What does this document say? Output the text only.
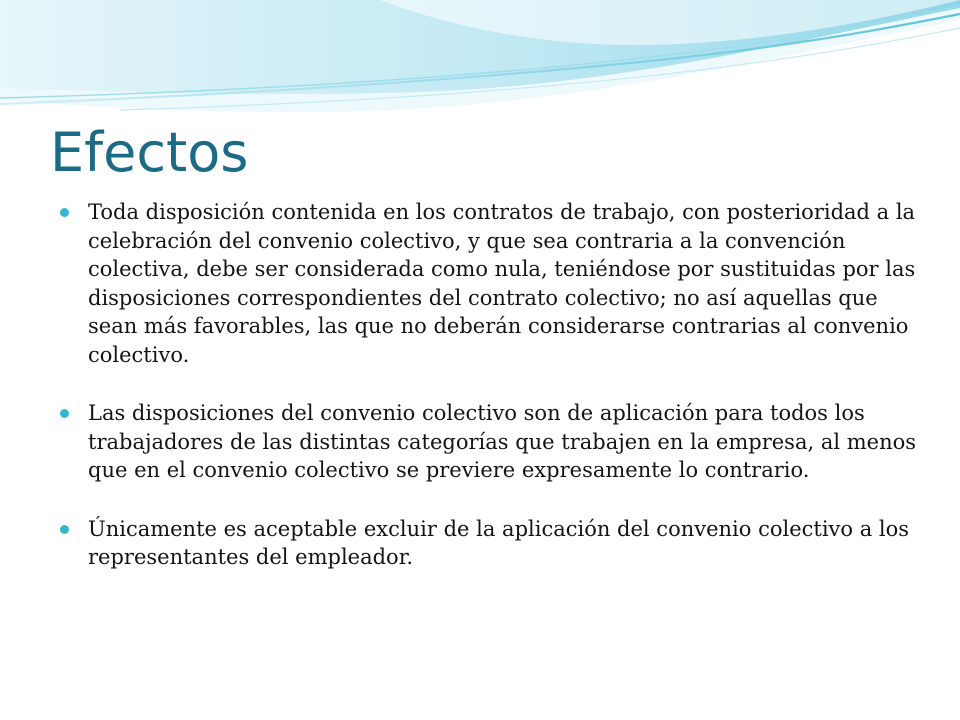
Efectos
Toda disposición contenida en los contratos de trabajo, con posterioridad a la celebración del convenio colectivo, y que sea contraria a la convención colectiva, debe ser considerada como nula, teniéndose por sustituidas por las disposiciones correspondientes del contrato colectivo; no así aquellas que sean más favorables, las que no deberán considerarse contrarias al convenio colectivo.
Las disposiciones del convenio colectivo son de aplicación para todos los trabajadores de las distintas categorías que trabajen en la empresa, al menos que en el convenio colectivo se previere expresamente lo contrario.
Únicamente es aceptable excluir de la aplicación del convenio colectivo a los representantes del empleador.
